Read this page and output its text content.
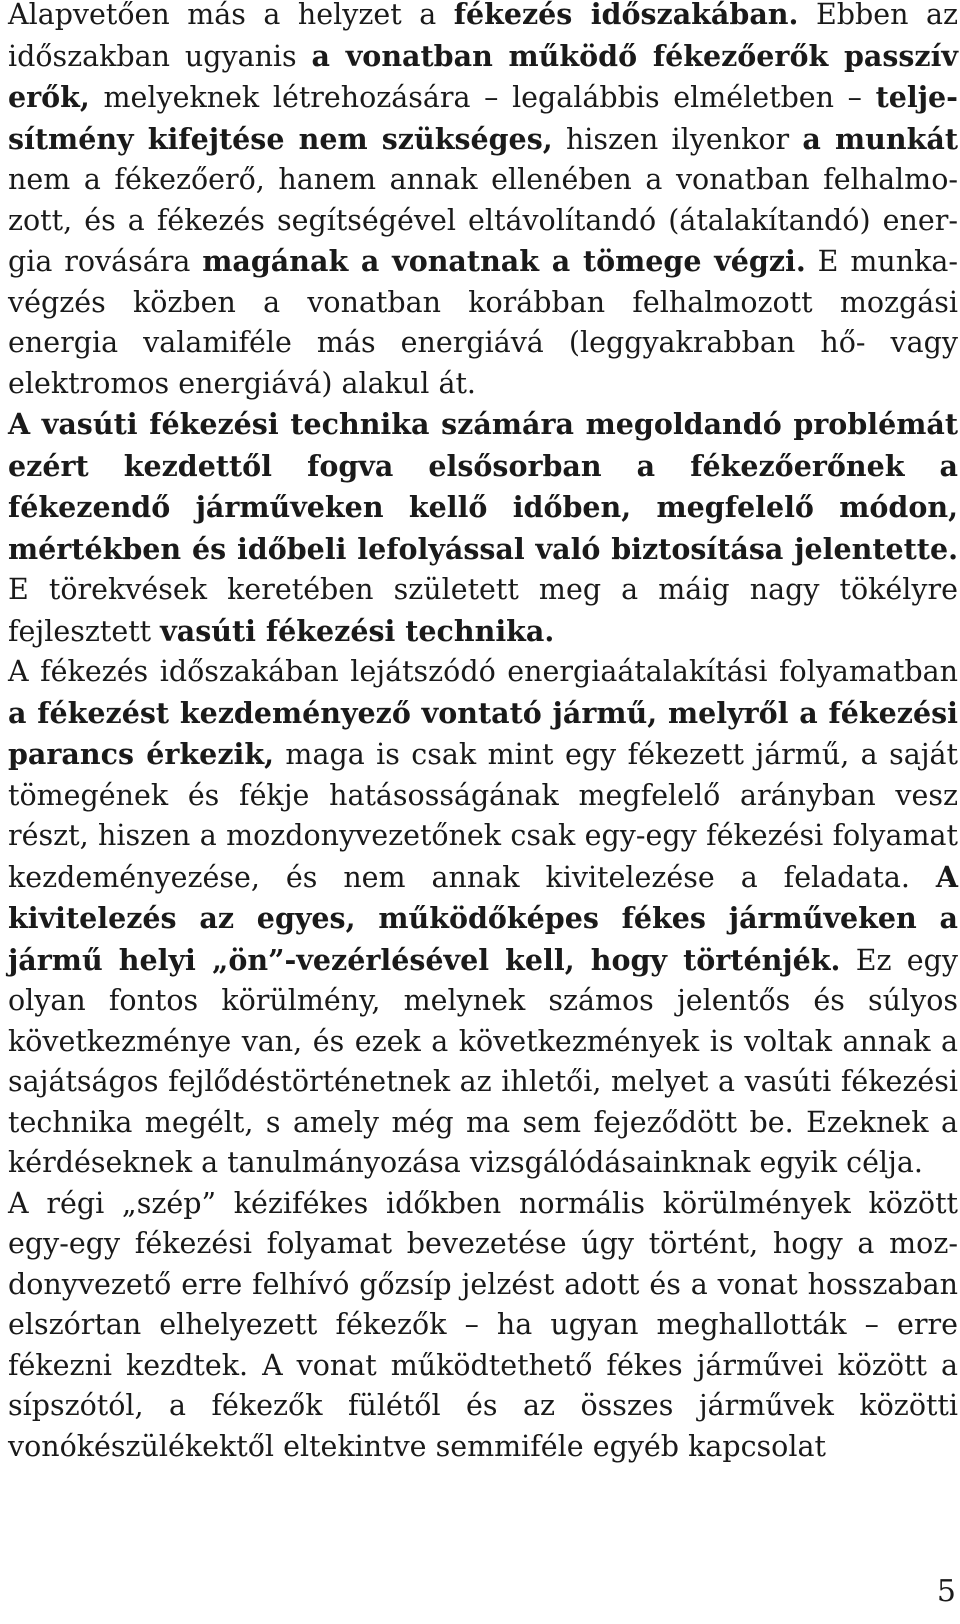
Alapvetően más a helyzet a fékezés időszakában. Ebben az időszakban ugyanis a vonatban működő fékezőerők passzív erők, melyeknek létrehozására – legalábbis elméletben – teljesítmény kifejtése nem szükséges, hiszen ilyenkor a munkát nem a fékezőerő, hanem annak ellenében a vonatban felhalmozott, és a fékezés segítségével eltávolítandó (átalakítandó) energia rovására magának a vonatnak a tömege végzi. E munkavégzés közben a vonatban korábban felhalmozott mozgási energia valamiféle más energiává (leggyakrabban hő- vagy elektromos energiává) alakul át.

A vasúti fékezési technika számára megoldandó problémát ezért kezdettől fogva elsősorban a fékezőerőnek a fékezendő járműveken kellő időben, megfelelő módon, mértékben és időbeli lefolyással való biztosítása jelentette. E törekvések keretében született meg a máig nagy tökélyre fejlesztett vasúti fékezési technika.

A fékezés időszakában lejátszódó energiaátalakítási folyamatban a fékezést kezdeményező vontató jármű, melyről a fékezési parancs érkezik, maga is csak mint egy fékezett jármű, a saját tömegének és fékje hatásosságának megfelelő arányban vesz részt, hiszen a mozdonyvezetőnek csak egy-egy fékezési folyamat kezdeményezése, és nem annak kivitelezése a feladata. A kivitelezés az egyes, működőképes fékes járműveken a jármű helyi „ön”-vezérlésével kell, hogy történjék. Ez egy olyan fontos körülmény, melynek számos jelentős és súlyos következménye van, és ezek a következmények is voltak annak a sajátságos fejlődéstörténetnek az ihletői, melyet a vasúti fékezési technika megélt, s amely még ma sem fejeződött be. Ezeknek a kérdéseknek a tanulmányozása vizsgálódásainknak egyik célja.

A régi „szép” kézifékes időkben normális körülmények között egy-egy fékezési folyamat bevezetése úgy történt, hogy a mozdonyvezető erre felhívó gőzsíp jelzést adott és a vonat hosszaban elszórtan elhelyezett fékezők – ha ugyan meghallották – erre fékezni kezdtek. A vonat működtethető fékes járművei között a sípszótól, a fékezők fülétől és az összes járművek közötti vonókészülékektől eltekintve semmiféle egyéb kapcsolat

5
